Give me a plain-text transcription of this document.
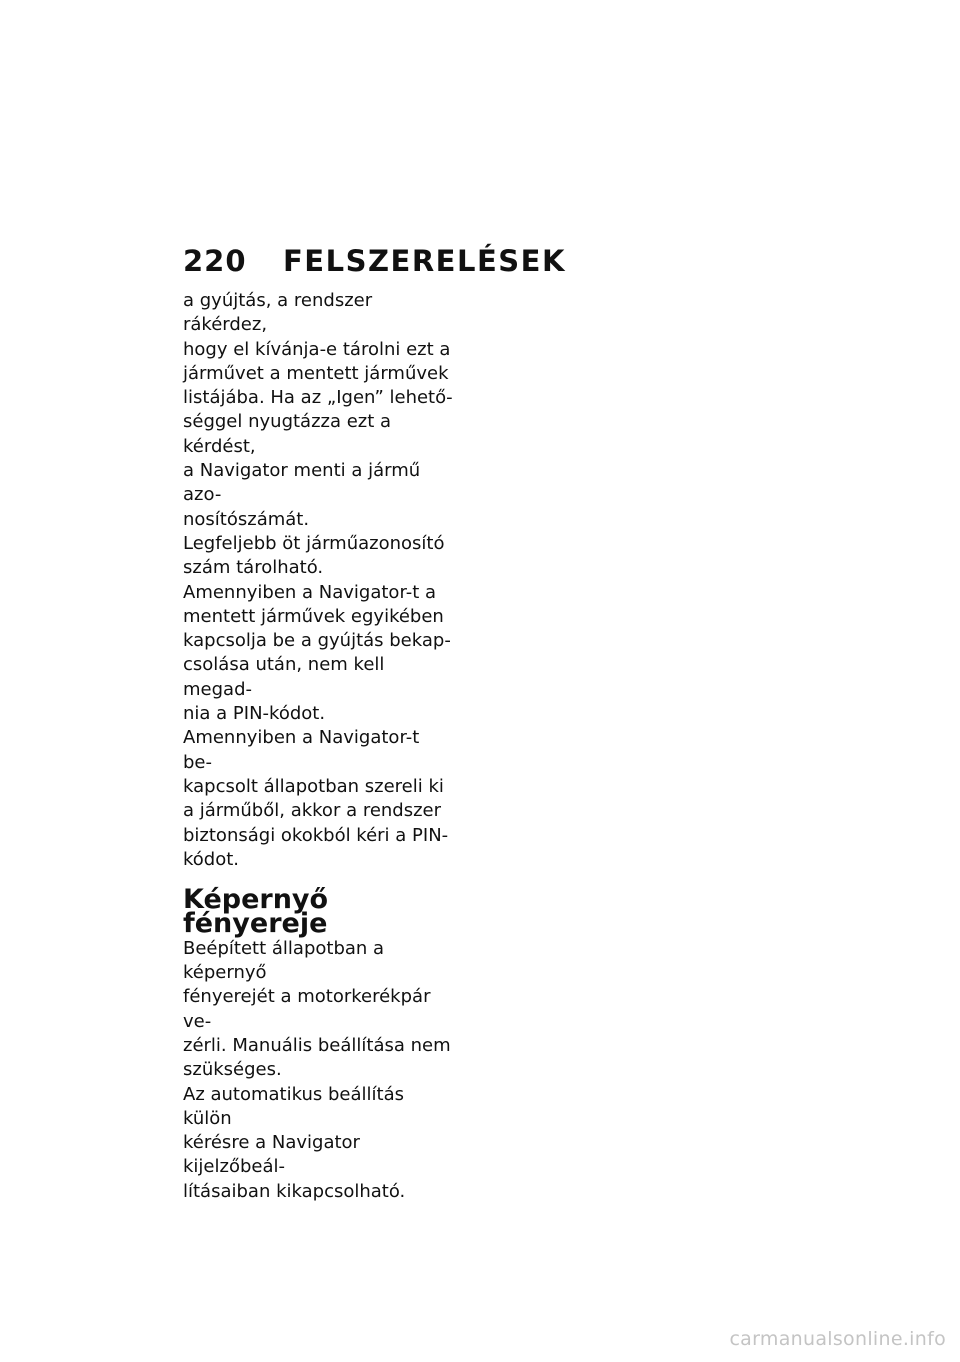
220	FELSZERELÉSEK

a gyújtás, a rendszer rákérdez,
hogy el kívánja-e tárolni ezt a
járművet a mentett járművek
listájába. Ha az „Igen” lehető-
séggel nyugtázza ezt a kérdést,
a Navigator menti a jármű azo-
nosítószámát.

Legfeljebb öt járműazonosító
szám tárolható.

Amennyiben a Navigator-t a
mentett járművek egyikében
kapcsolja be a gyújtás bekap-
csolása után, nem kell megad-
nia a PIN-kódot.

Amennyiben a Navigator-t be-
kapcsolt állapotban szereli ki
a járműből, akkor a rendszer
biztonsági okokból kéri a PIN-
kódot.

Képernyő fényereje

Beépített állapotban a képernyő
fényerejét a motorkerékpár ve-
zérli. Manuális beállítása nem
szükséges.

Az automatikus beállítás külön
kérésre a Navigator kijelzőbeál-
lításaiban kikapcsolható.

carmanualsonline.info
